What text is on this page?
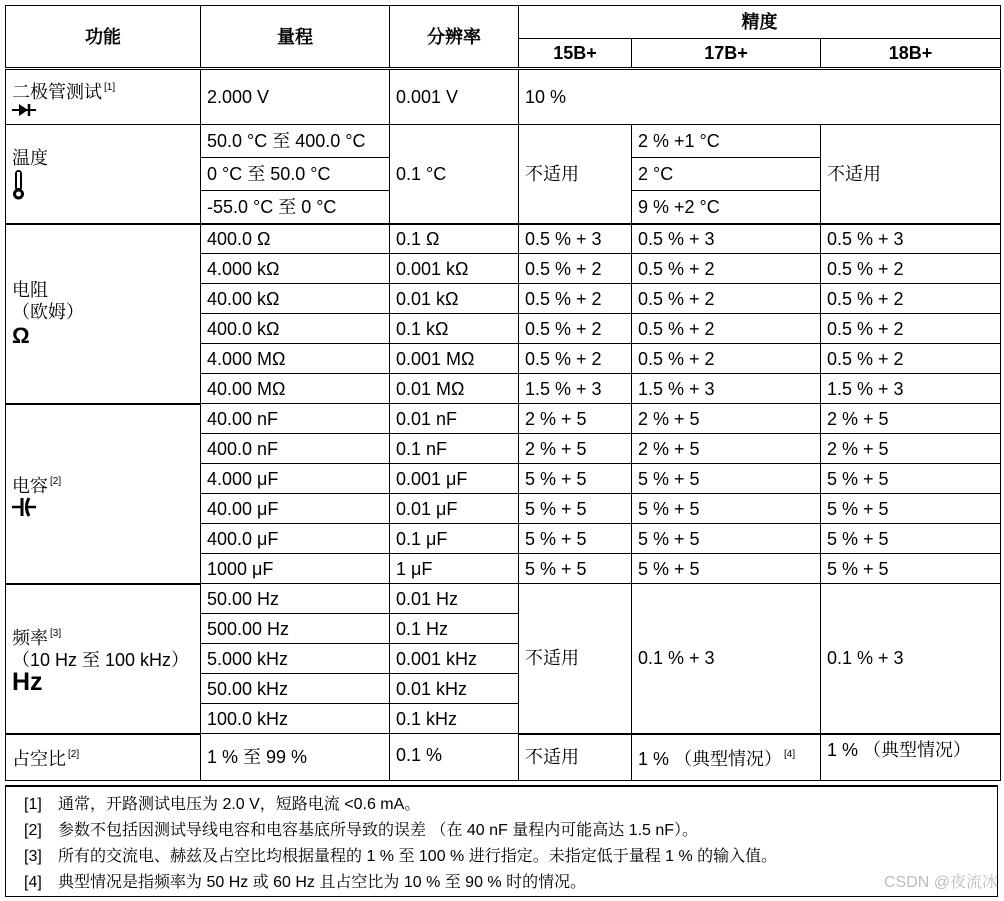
功能	量程	分辨率	精度		
			15B+	17B+	18B+
二极管测试 [1]	2.000 V	0.001 V	10 %		
温度	50.0 °C 至 400.0 °C	0.1 °C	不适用	2 % +1 °C	不适用
	0 °C 至 50.0 °C			2 °C	
	-55.0 °C 至 0 °C			9 % +2 °C	
电阻
（欧姆）
Ω	400.0 Ω	0.1 Ω	0.5 % + 3	0.5 % + 3	0.5 % + 3
	4.000 kΩ	0.001 kΩ	0.5 % + 2	0.5 % + 2	0.5 % + 2
	40.00 kΩ	0.01 kΩ	0.5 % + 2	0.5 % + 2	0.5 % + 2
	400.0 kΩ	0.1 kΩ	0.5 % + 2	0.5 % + 2	0.5 % + 2
	4.000 MΩ	0.001 MΩ	0.5 % + 2	0.5 % + 2	0.5 % + 2
	40.00 MΩ	0.01 MΩ	1.5 % + 3	1.5 % + 3	1.5 % + 3
电容 [2]	40.00 nF	0.01 nF	2 % + 5	2 % + 5	2 % + 5
	400.0 nF	0.1 nF	2 % + 5	2 % + 5	2 % + 5
	4.000 μF	0.001 μF	5 % + 5	5 % + 5	5 % + 5
	40.00 μF	0.01 μF	5 % + 5	5 % + 5	5 % + 5
	400.0 μF	0.1 μF	5 % + 5	5 % + 5	5 % + 5
	1000 μF	1 μF	5 % + 5	5 % + 5	5 % + 5
频率 [3]
（10 Hz 至 100 kHz）
Hz	50.00 Hz	0.01 Hz	不适用	0.1 % + 3	0.1 % + 3
	500.00 Hz	0.1 Hz			
	5.000 kHz	0.001 kHz			
	50.00 kHz	0.01 kHz			
	100.0 kHz	0.1 kHz			
占空比 [2]	1 % 至 99 %	0.1 %	不适用	1 % （典型情况） [4]	1 % （典型情况）
[1] 通常，开路测试电压为 2.0 V，短路电流 <0.6 mA。
[2] 参数不包括因测试导线电容和电容基底所导致的误差 （在 40 nF 量程内可能高达 1.5 nF）。
[3] 所有的交流电、赫兹及占空比均根据量程的 1 % 至 100 % 进行指定。未指定低于量程 1 % 的输入值。
[4] 典型情况是指频率为 50 Hz 或 60 Hz 且占空比为 10 % 至 90 % 时的情况。	CSDN @夜流冰
